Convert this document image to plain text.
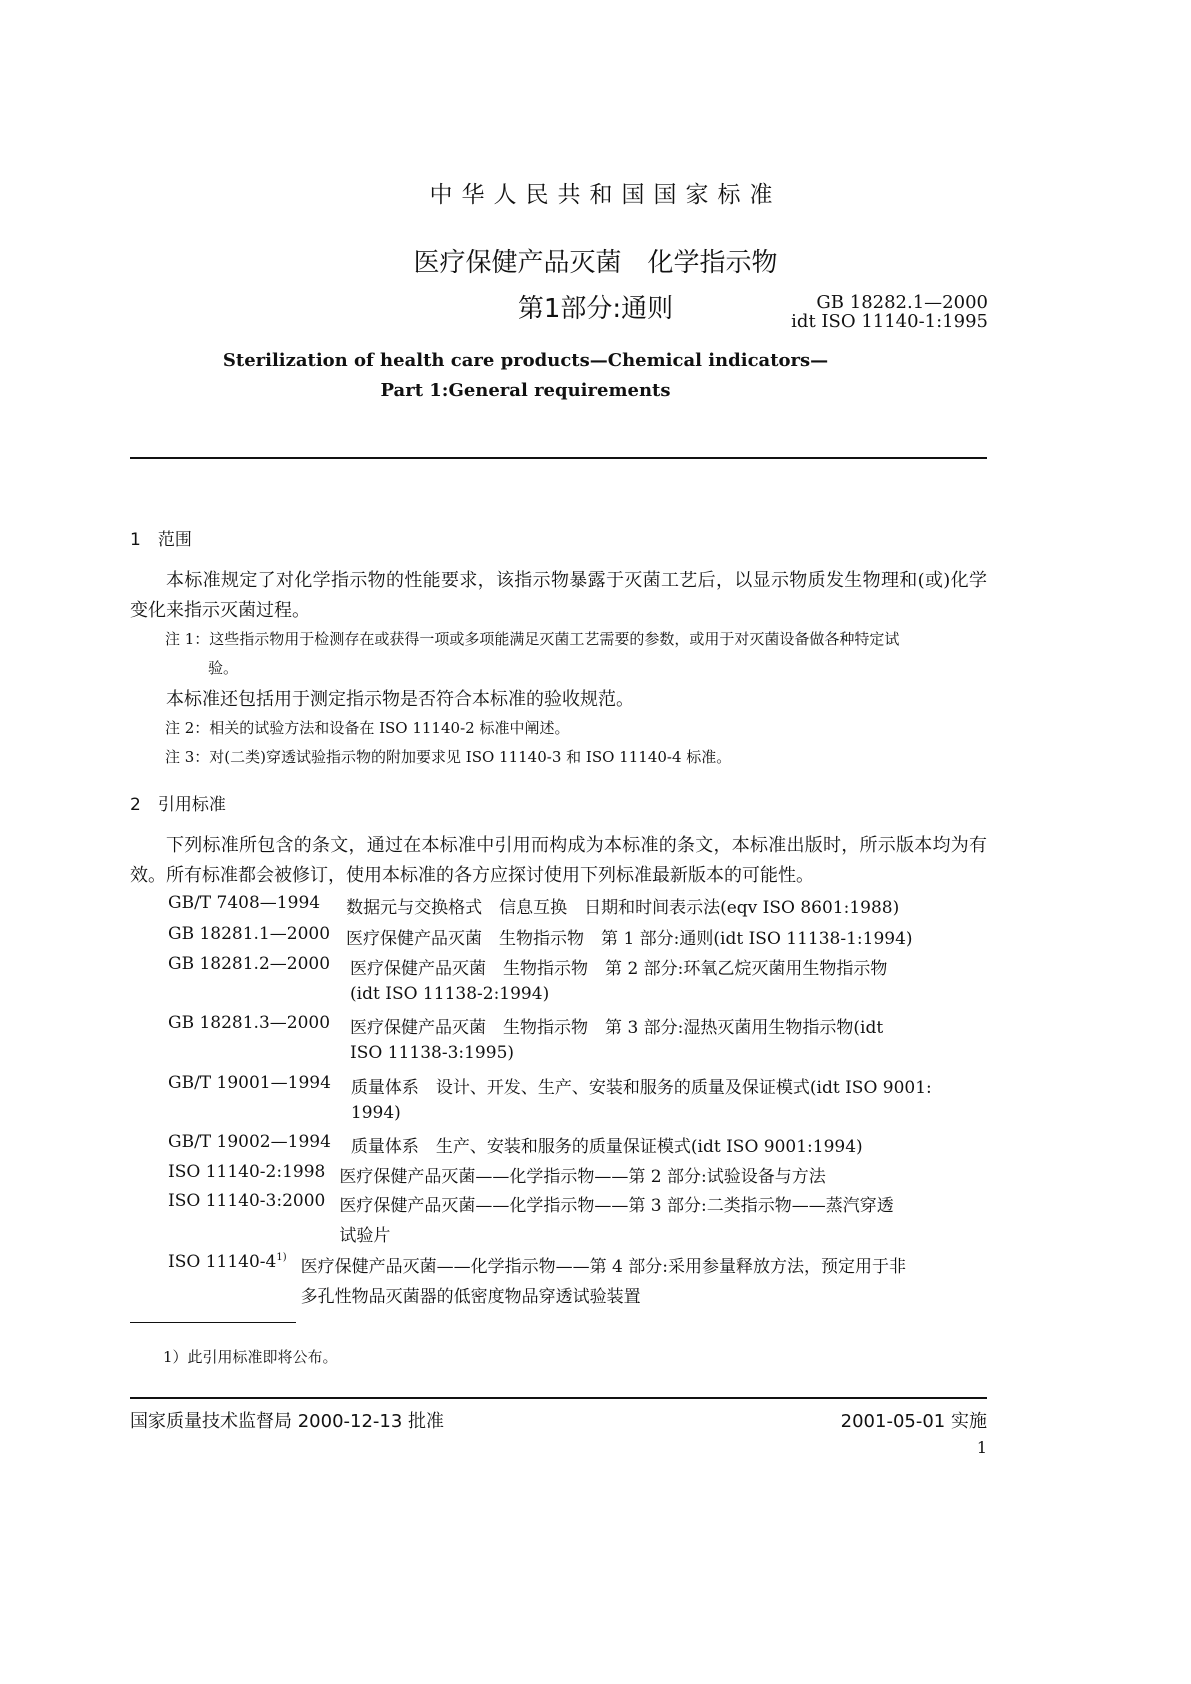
中华人民共和国国家标准
医疗保健产品灭菌　化学指示物
第1部分:通则	GB 18282.1—2000
idt ISO 11140-1:1995
Sterilization of health care products—Chemical indicators—
Part 1:General requirements
1　范围
本标准规定了对化学指示物的性能要求，该指示物暴露于灭菌工艺后，以显示物质发生物理和(或)化学变化来指示灭菌过程。
注 1：这些指示物用于检测存在或获得一项或多项能满足灭菌工艺需要的参数，或用于对灭菌设备做各种特定试
验。
本标准还包括用于测定指示物是否符合本标准的验收规范。
注 2：相关的试验方法和设备在 ISO 11140-2 标准中阐述。
注 3：对(二类)穿透试验指示物的附加要求见 ISO 11140-3 和 ISO 11140-4 标准。
2　引用标准
下列标准所包含的条文，通过在本标准中引用而构成为本标准的条文，本标准出版时，所示版本均为有效。所有标准都会被修订，使用本标准的各方应探讨使用下列标准最新版本的可能性。
GB/T 7408—1994 数据元与交换格式　信息互换　日期和时间表示法(eqv ISO 8601:1988)
GB 18281.1—2000 医疗保健产品灭菌　生物指示物　第 1 部分:通则(idt ISO 11138-1:1994)
GB 18281.2—2000 医疗保健产品灭菌　生物指示物　第 2 部分:环氧乙烷灭菌用生物指示物
(idt ISO 11138-2:1994)
GB 18281.3—2000 医疗保健产品灭菌　生物指示物　第 3 部分:湿热灭菌用生物指示物(idt
ISO 11138-3:1995)
GB/T 19001—1994 质量体系　设计、开发、生产、安装和服务的质量及保证模式(idt ISO 9001:
1994)
GB/T 19002—1994 质量体系　生产、安装和服务的质量保证模式(idt ISO 9001:1994)
ISO 11140-2:1998 医疗保健产品灭菌——化学指示物——第 2 部分:试验设备与方法
ISO 11140-3:2000 医疗保健产品灭菌——化学指示物——第 3 部分:二类指示物——蒸汽穿透
试验片
ISO 11140-4 1) 医疗保健产品灭菌——化学指示物——第 4 部分:采用参量释放方法，预定用于非
多孔性物品灭菌器的低密度物品穿透试验装置
1）此引用标准即将公布。
国家质量技术监督局 2000-12-13 批准	2001-05-01 实施
1
